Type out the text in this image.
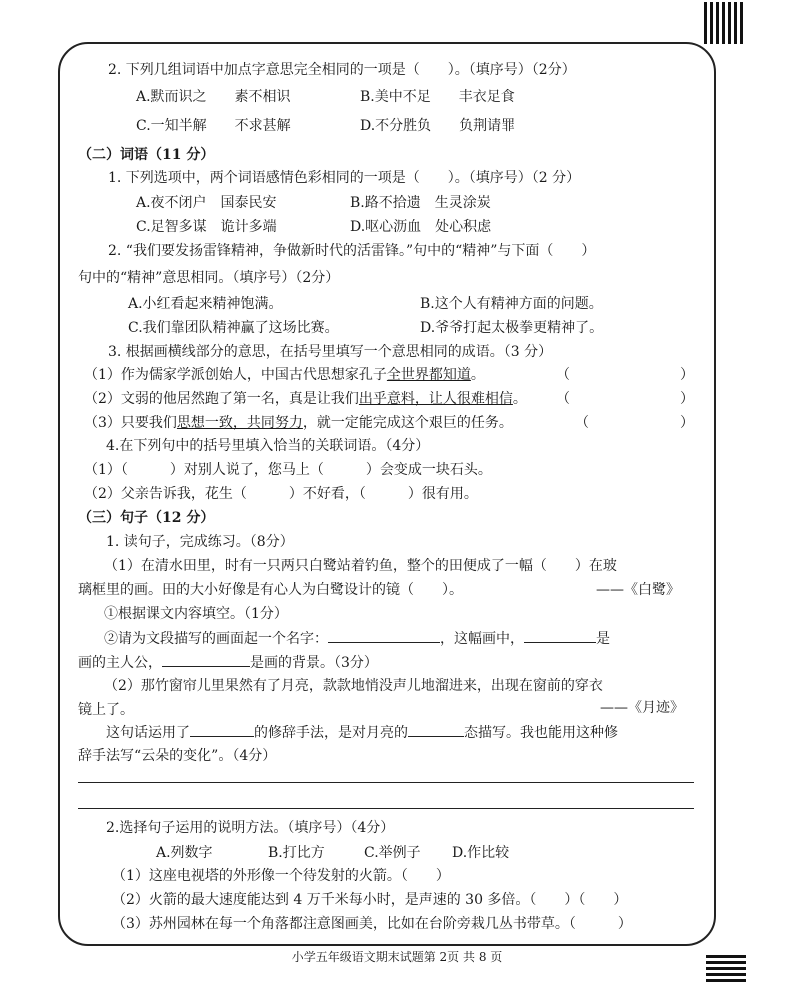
2. 下列几组词语中加点字意思完全相同的一项是（　　）。（填序号）（2分）
A.默而识之　　素不相识	B.美中不足　　丰衣足食
C.一知半解　　不求甚解	D.不分胜负　　负荆请罪
（二）词语（11 分）
1. 下列选项中，两个词语感情色彩相同的一项是（　　）。（填序号）（2 分）
A.夜不闭户　国泰民安	B.路不拾遗　生灵涂炭
C.足智多谋　诡计多端	D.呕心沥血　处心积虑
2. “我们要发扬雷锋精神，争做新时代的活雷锋。”句中的“精神”与下面（　　）
句中的“精神”意思相同。（填序号）（2分）
A.小红看起来精神饱满。	B.这个人有精神方面的问题。
C.我们靠团队精神赢了这场比赛。	D.爷爷打起太极拳更精神了。
3. 根据画横线部分的意思，在括号里填写一个意思相同的成语。（3 分）
（1）作为儒家学派创始人，中国古代思想家孔子全世界都知道。	（	）
（2）文弱的他居然跑了第一名，真是让我们出乎意料，让人很难相信。 （	）
（3）只要我们思想一致，共同努力，就一定能完成这个艰巨的任务。	（	）
4.在下列句中的括号里填入恰当的关联词语。（4分）
（1）（　　　）对别人说了，您马上（　　　）会变成一块石头。
（2）父亲告诉我，花生（　　　）不好看，（　　　）很有用。
（三）句子（12 分）
1. 读句子，完成练习。（8分）
（1）在清水田里，时有一只两只白鹭站着钓鱼，整个的田便成了一幅（　　）在玻
璃框里的画。田的大小好像是有心人为白鹭设计的镜（　　）。	——《白鹭》
①根据课文内容填空。（1分）
②请为文段描写的画面起一个名字：	，这幅画中，	是
画的主人公，	是画的背景。（3分）
（2）那竹窗帘儿里果然有了月亮，款款地悄没声儿地溜进来，出现在窗前的穿衣
镜上了。	——《月迹》
这句话运用了	的修辞手法，是对月亮的	态描写。我也能用这种修
辞手法写“云朵的变化”。（4分）
2.选择句子运用的说明方法。（填序号）（4分）
A.列数字	B.打比方	C.举例子 D.作比较
（1）这座电视塔的外形像一个待发射的火箭。（　　）
（2）火箭的最大速度能达到 4 万千米每小时，是声速的 30 多倍。（　　）（　　）
（3）苏州园林在每一个角落都注意图画美，比如在台阶旁栽几丛书带草。（　　　）
小学五年级语文期末试题第 2页 共 8 页
